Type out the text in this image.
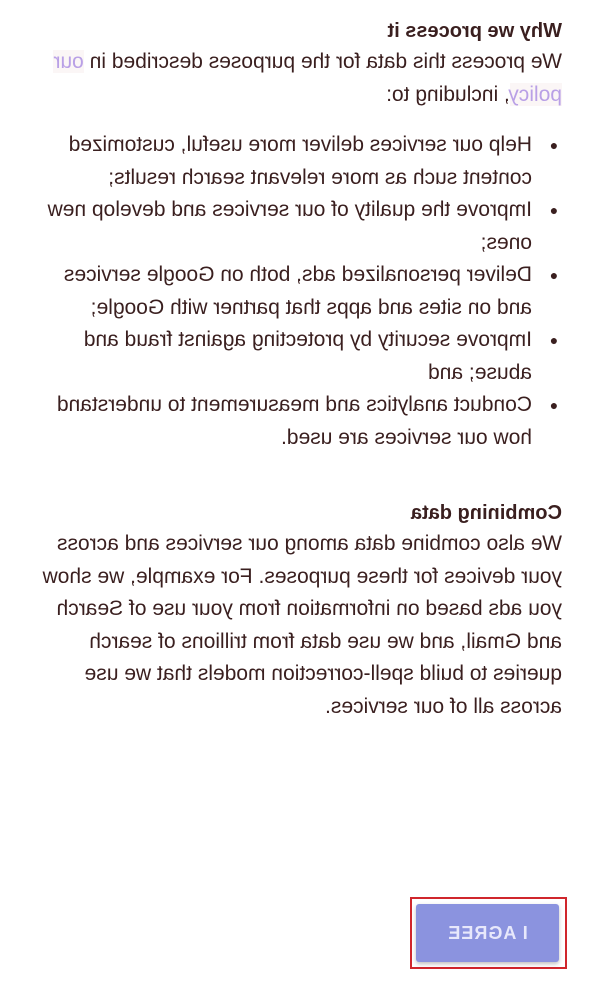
Why we process it

We process this data for the purposes described in our policy, including to:

●
Help our services deliver more useful, customized content such as more relevant search results;
●
Improve the quality of our services and develop new ones;
●
Deliver personalized ads, both on Google services and on sites and apps that partner with Google;
●
Improve security by protecting against fraud and abuse; and
●
Conduct analytics and measurement to understand how our services are used.

Combining data

We also combine data among our services and across your devices for these purposes. For example, we show you ads based on information from your use of Search and Gmail, and we use data from trillions of search queries to build spell-correction models that we use across all of our services.

I AGREE
